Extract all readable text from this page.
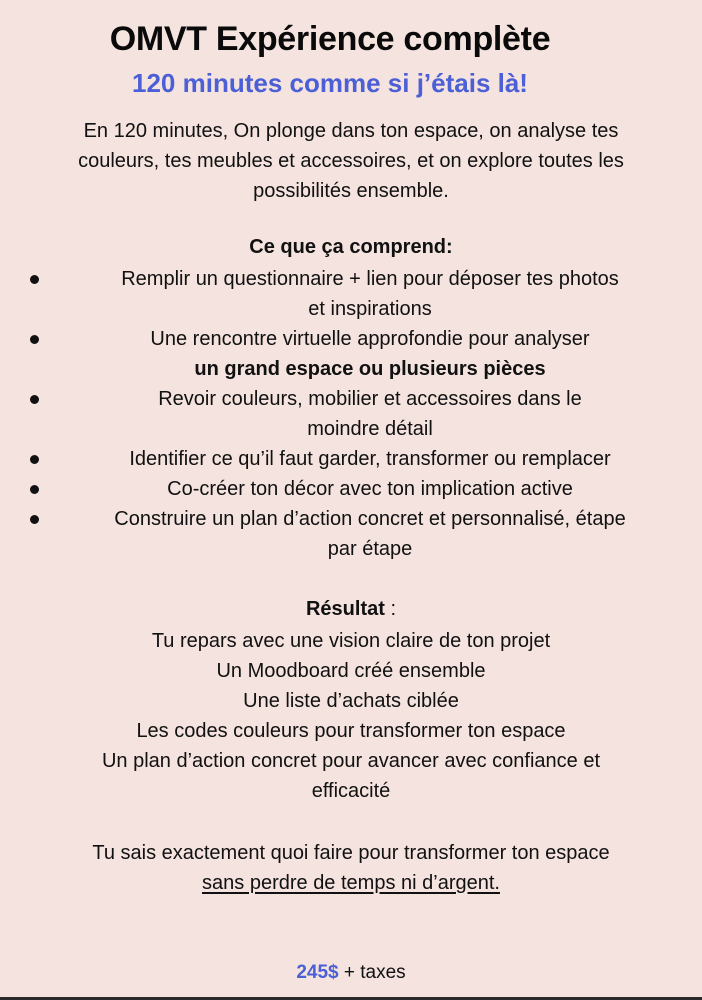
OMVT Expérience complète
120 minutes comme si j’étais là!
En 120 minutes, On plonge dans ton espace, on analyse tes
couleurs, tes meubles et accessoires, et on explore toutes les
possibilités ensemble.
Ce que ça comprend:
Remplir un questionnaire + lien pour déposer tes photos
et inspirations
Une rencontre virtuelle approfondie pour analyser
un grand espace ou plusieurs pièces
Revoir couleurs, mobilier et accessoires dans le
moindre détail
Identifier ce qu’il faut garder, transformer ou remplacer
Co-créer ton décor avec ton implication active
Construire un plan d’action concret et personnalisé, étape
par étape
Résultat :
Tu repars avec une vision claire de ton projet
Un Moodboard créé ensemble
Une liste d’achats ciblée
Les codes couleurs pour transformer ton espace
Un plan d’action concret pour avancer avec confiance et
efficacité
Tu sais exactement quoi faire pour transformer ton espace
sans perdre de temps ni d’argent.
245$ + taxes
